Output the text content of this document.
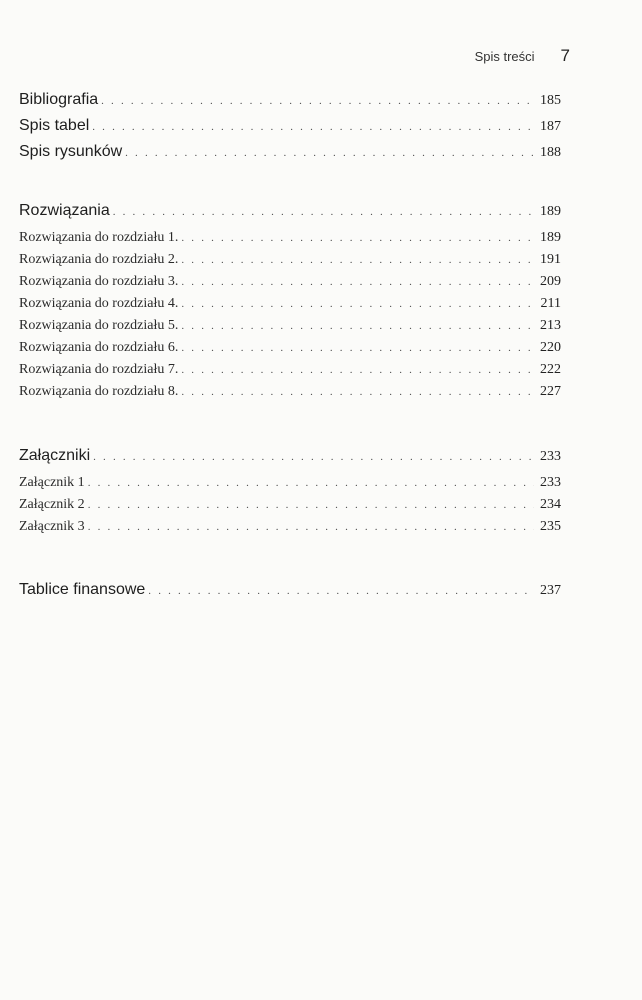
Spis treści 7
Bibliografia . . .	185
Spis tabel . . .	187
Spis rysunków . . .	188
Rozwiązania . . .	189
Rozwiązania do rozdziału 1. . . .	189
Rozwiązania do rozdziału 2. . . .	191
Rozwiązania do rozdziału 3. . . .	209
Rozwiązania do rozdziału 4. . . .	211
Rozwiązania do rozdziału 5. . . .	213
Rozwiązania do rozdziału 6. . . .	220
Rozwiązania do rozdziału 7. . . .	222
Rozwiązania do rozdziału 8. . . .	227
Załączniki . . .	233
Załącznik 1 . . .	233
Załącznik 2 . . .	234
Załącznik 3 . . .	235
Tablice finansowe . . .	237
